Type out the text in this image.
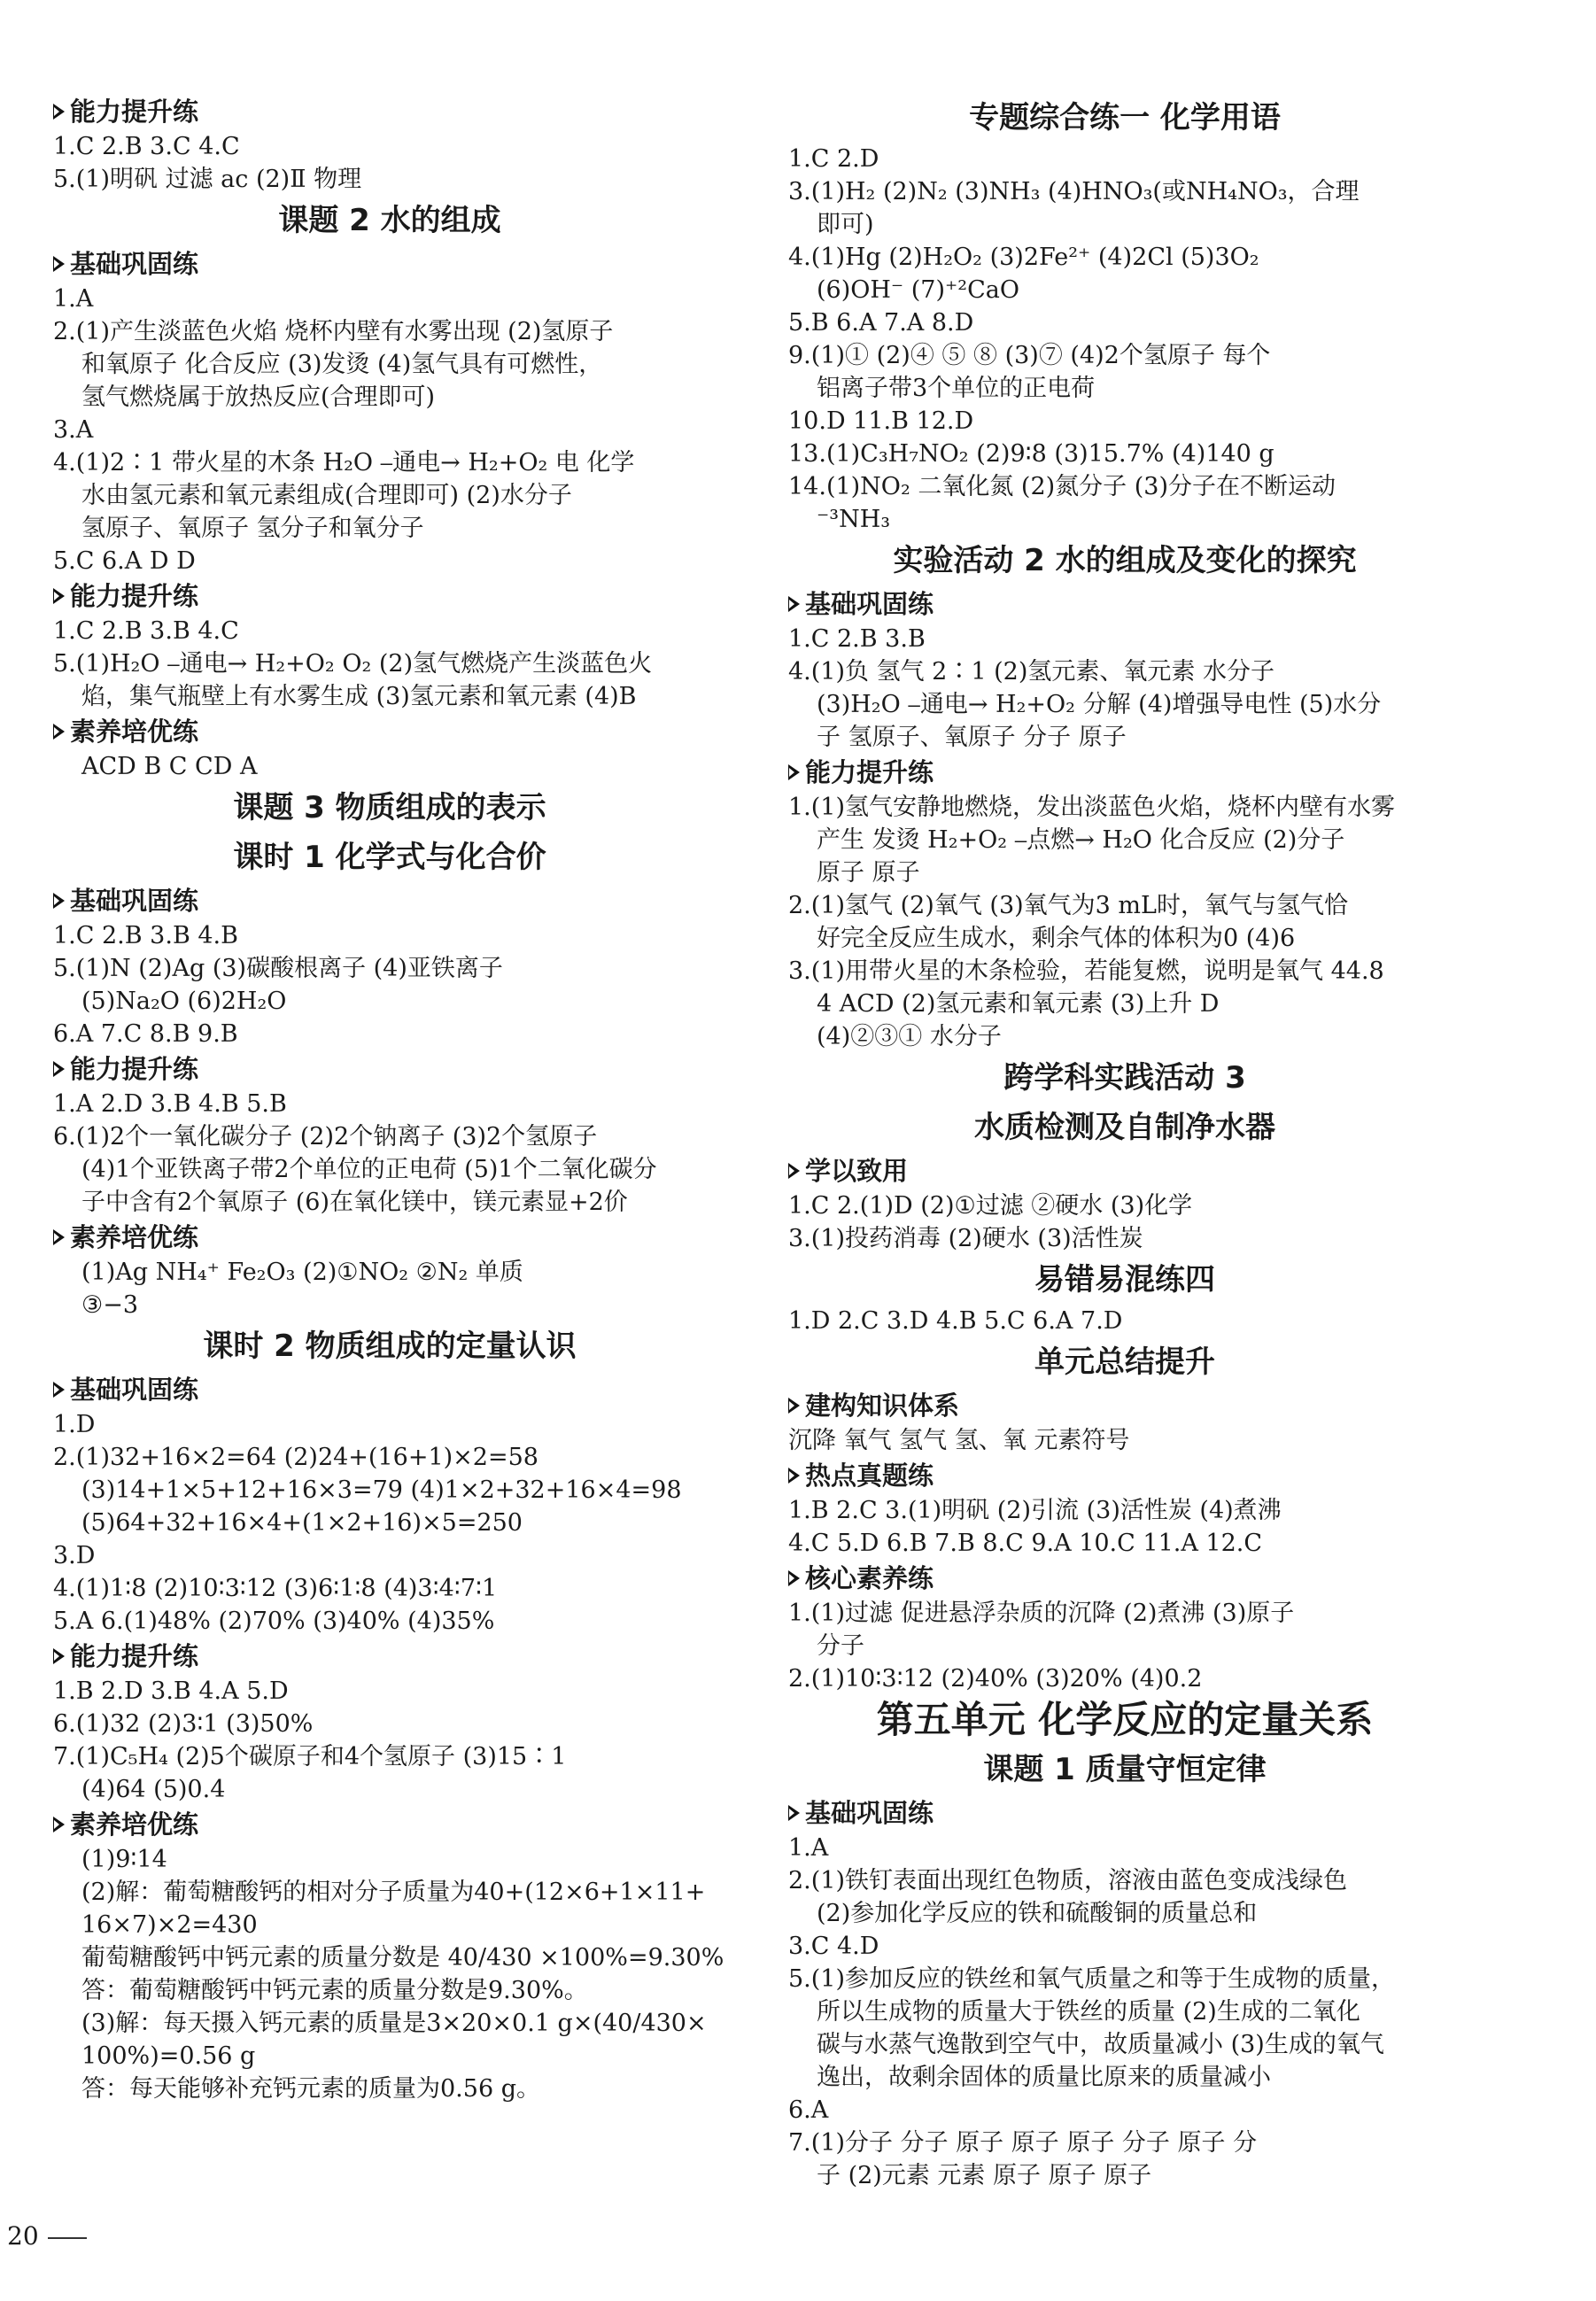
能力提升练
1.C 2.B 3.C 4.C
5.(1)明矾 过滤 ac (2)Ⅱ 物理
课题 2 水的组成
基础巩固练
1.A
2.(1)产生淡蓝色火焰 烧杯内壁有水雾出现 (2)氢原子
和氧原子 化合反应 (3)发烫 (4)氢气具有可燃性，
氢气燃烧属于放热反应(合理即可)
3.A
4.(1)2∶1 带火星的木条 H₂O ⎯通电→ H₂+O₂ 电 化学
水由氢元素和氧元素组成(合理即可) (2)水分子
氢原子、氧原子 氢分子和氧分子
5.C 6.A D D
能力提升练
1.C 2.B 3.B 4.C
5.(1)H₂O ⎯通电→ H₂+O₂ O₂ (2)氢气燃烧产生淡蓝色火
焰，集气瓶壁上有水雾生成 (3)氢元素和氧元素 (4)B
素养培优练
ACD B C CD A
课题 3 物质组成的表示
课时 1 化学式与化合价
基础巩固练
1.C 2.B 3.B 4.B
5.(1)N (2)Ag (3)碳酸根离子 (4)亚铁离子
(5)Na₂O (6)2H₂O
6.A 7.C 8.B 9.B
能力提升练
1.A 2.D 3.B 4.B 5.B
6.(1)2个一氧化碳分子 (2)2个钠离子 (3)2个氢原子
(4)1个亚铁离子带2个单位的正电荷 (5)1个二氧化碳分
子中含有2个氧原子 (6)在氧化镁中，镁元素显+2价
素养培优练
(1)Ag NH₄⁺ Fe₂O₃ (2)①NO₂ ②N₂ 单质
③−3
课时 2 物质组成的定量认识
基础巩固练
1.D
2.(1)32+16×2=64 (2)24+(16+1)×2=58
(3)14+1×5+12+16×3=79 (4)1×2+32+16×4=98
(5)64+32+16×4+(1×2+16)×5=250
3.D
4.(1)1∶8 (2)10∶3∶12 (3)6∶1∶8 (4)3∶4∶7∶1
5.A 6.(1)48% (2)70% (3)40% (4)35%
能力提升练
1.B 2.D 3.B 4.A 5.D
6.(1)32 (2)3∶1 (3)50%
7.(1)C₅H₄ (2)5个碳原子和4个氢原子 (3)15∶1
(4)64 (5)0.4
素养培优练
(1)9∶14
(2)解：葡萄糖酸钙的相对分子质量为40+(12×6+1×11+
16×7)×2=430
葡萄糖酸钙中钙元素的质量分数是 40/430 ×100%=9.30%
答：葡萄糖酸钙中钙元素的质量分数是9.30%。
(3)解：每天摄入钙元素的质量是3×20×0.1 g×(40/430×
100%)=0.56 g
答：每天能够补充钙元素的质量为0.56 g。
专题综合练一 化学用语
1.C 2.D
3.(1)H₂ (2)N₂ (3)NH₃ (4)HNO₃(或NH₄NO₃，合理
即可)
4.(1)Hg (2)H₂O₂ (3)2Fe²⁺ (4)2Cl (5)3O₂
(6)OH⁻ (7)⁺²CaO
5.B 6.A 7.A 8.D
9.(1)① (2)④ ⑤ ⑧ (3)⑦ (4)2个氢原子 每个
铝离子带3个单位的正电荷
10.D 11.B 12.D
13.(1)C₃H₇NO₂ (2)9∶8 (3)15.7% (4)140 g
14.(1)NO₂ 二氧化氮 (2)氮分子 (3)分子在不断运动
⁻³NH₃
实验活动 2 水的组成及变化的探究
基础巩固练
1.C 2.B 3.B
4.(1)负 氢气 2∶1 (2)氢元素、氧元素 水分子
(3)H₂O ⎯通电→ H₂+O₂ 分解 (4)增强导电性 (5)水分
子 氢原子、氧原子 分子 原子
能力提升练
1.(1)氢气安静地燃烧，发出淡蓝色火焰，烧杯内壁有水雾
产生 发烫 H₂+O₂ ⎯点燃→ H₂O 化合反应 (2)分子
原子 原子
2.(1)氢气 (2)氧气 (3)氧气为3 mL时，氧气与氢气恰
好完全反应生成水，剩余气体的体积为0 (4)6
3.(1)用带火星的木条检验，若能复燃，说明是氧气 44.8
4 ACD (2)氢元素和氧元素 (3)上升 D
(4)②③① 水分子
跨学科实践活动 3
水质检测及自制净水器
学以致用
1.C 2.(1)D (2)①过滤 ②硬水 (3)化学
3.(1)投药消毒 (2)硬水 (3)活性炭
易错易混练四
1.D 2.C 3.D 4.B 5.C 6.A 7.D
单元总结提升
建构知识体系
沉降 氧气 氢气 氢、氧 元素符号
热点真题练
1.B 2.C 3.(1)明矾 (2)引流 (3)活性炭 (4)煮沸
4.C 5.D 6.B 7.B 8.C 9.A 10.C 11.A 12.C
核心素养练
1.(1)过滤 促进悬浮杂质的沉降 (2)煮沸 (3)原子
分子
2.(1)10∶3∶12 (2)40% (3)20% (4)0.2
第五单元 化学反应的定量关系
课题 1 质量守恒定律
基础巩固练
1.A
2.(1)铁钉表面出现红色物质，溶液由蓝色变成浅绿色
(2)参加化学反应的铁和硫酸铜的质量总和
3.C 4.D
5.(1)参加反应的铁丝和氧气质量之和等于生成物的质量，
所以生成物的质量大于铁丝的质量 (2)生成的二氧化
碳与水蒸气逸散到空气中，故质量减小 (3)生成的氧气
逸出，故剩余固体的质量比原来的质量减小
6.A
7.(1)分子 分子 原子 原子 原子 分子 原子 分
子 (2)元素 元素 原子 原子 原子
20
